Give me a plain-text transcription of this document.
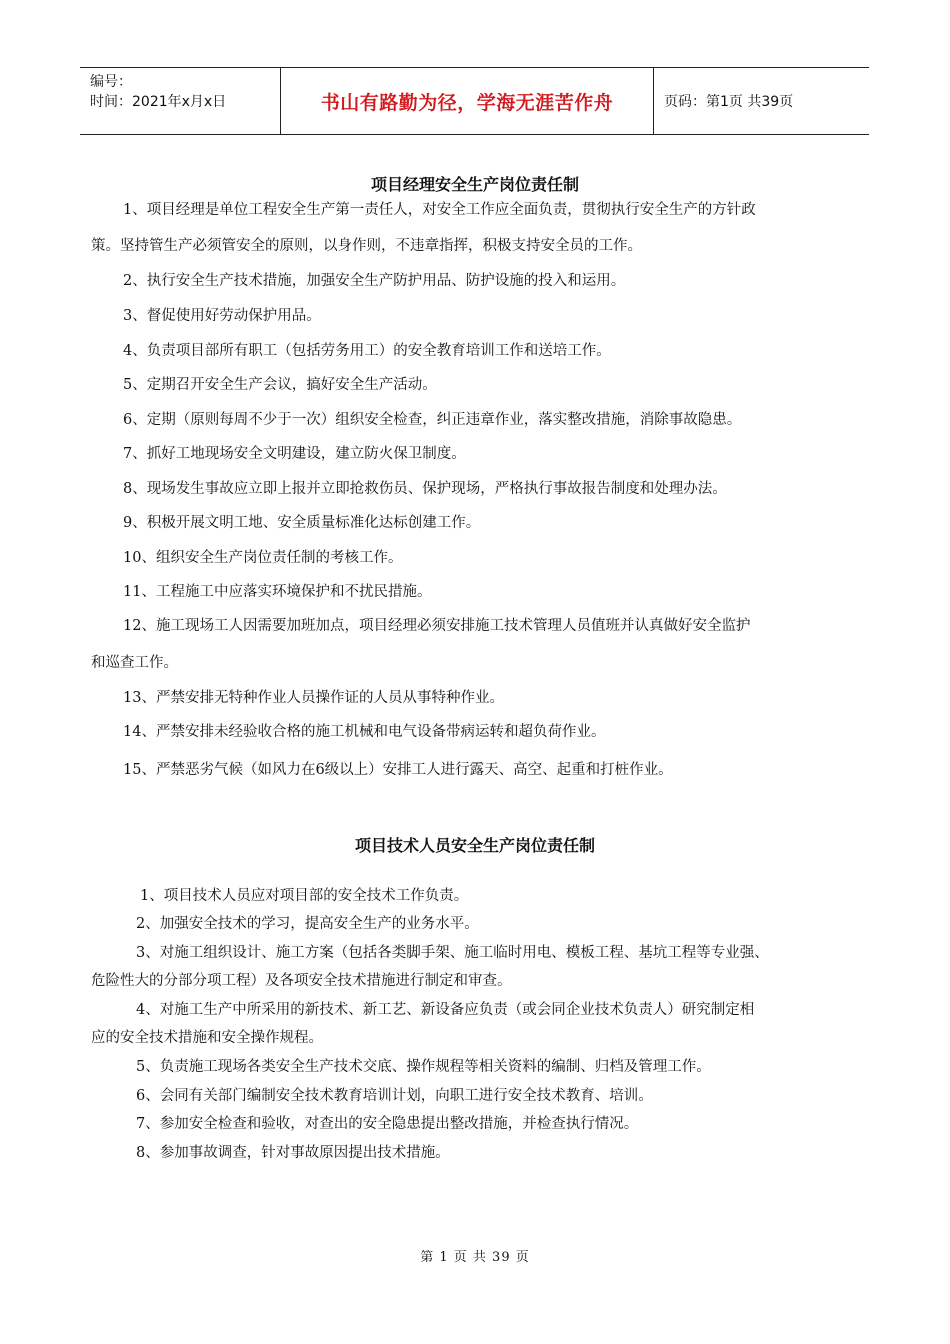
编号：
时间：2021年x月x日	书山有路勤为径，学海无涯苦作舟	页码：第1页 共39页
项目经理安全生产岗位责任制
1、项目经理是单位工程安全生产第一责任人，对安全工作应全面负责，贯彻执行安全生产的方针政
策。坚持管生产必须管安全的原则，以身作则，不违章指挥，积极支持安全员的工作。
2、执行安全生产技术措施，加强安全生产防护用品、防护设施的投入和运用。
3、督促使用好劳动保护用品。
4、负责项目部所有职工（包括劳务用工）的安全教育培训工作和送培工作。
5、定期召开安全生产会议，搞好安全生产活动。
6、定期（原则每周不少于一次）组织安全检查，纠正违章作业，落实整改措施，消除事故隐患。
7、抓好工地现场安全文明建设，建立防火保卫制度。
8、现场发生事故应立即上报并立即抢救伤员、保护现场，严格执行事故报告制度和处理办法。
9、积极开展文明工地、安全质量标准化达标创建工作。
10、组织安全生产岗位责任制的考核工作。
11、工程施工中应落实环境保护和不扰民措施。
12、施工现场工人因需要加班加点，项目经理必须安排施工技术管理人员值班并认真做好安全监护
和巡查工作。
13、严禁安排无特种作业人员操作证的人员从事特种作业。
14、严禁安排未经验收合格的施工机械和电气设备带病运转和超负荷作业。
15、严禁恶劣气候（如风力在6级以上）安排工人进行露天、高空、起重和打桩作业。
项目技术人员安全生产岗位责任制
1、项目技术人员应对项目部的安全技术工作负责。
2、加强安全技术的学习，提高安全生产的业务水平。
3、对施工组织设计、施工方案（包括各类脚手架、施工临时用电、模板工程、基坑工程等专业强、
危险性大的分部分项工程）及各项安全技术措施进行制定和审查。
4、对施工生产中所采用的新技术、新工艺、新设备应负责（或会同企业技术负责人）研究制定相
应的安全技术措施和安全操作规程。
5、负责施工现场各类安全生产技术交底、操作规程等相关资料的编制、归档及管理工作。
6、会同有关部门编制安全技术教育培训计划，向职工进行安全技术教育、培训。
7、参加安全检查和验收，对查出的安全隐患提出整改措施，并检查执行情况。
8、参加事故调查，针对事故原因提出技术措施。
第 1 页 共 39 页
